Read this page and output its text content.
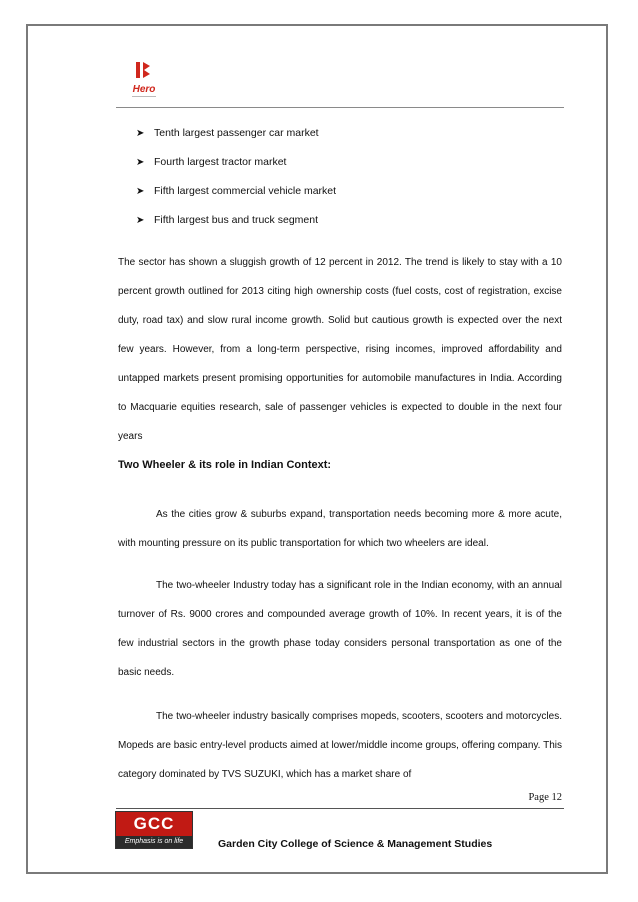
Hero
➤ Tenth largest passenger car market
➤ Fourth largest tractor market
➤ Fifth largest commercial vehicle market
➤ Fifth largest bus and truck segment

The sector has shown a sluggish growth of 12 percent in 2012. The trend is likely to stay with a 10 percent growth outlined for 2013 citing high ownership costs (fuel costs, cost of registration, excise duty, road tax) and slow rural income growth. Solid but cautious growth is expected over the next few years. However, from a long-term perspective, rising incomes, improved affordability and untapped markets present promising opportunities for automobile manufactures in India. According to Macquarie equities research, sale of passenger vehicles is expected to double in the next four years

Two Wheeler & its role in Indian Context:

As the cities grow & suburbs expand, transportation needs becoming more & more acute, with mounting pressure on its public transportation for which two wheelers are ideal.

The two-wheeler Industry today has a significant role in the Indian economy, with an annual turnover of Rs. 9000 crores and compounded average growth of 10%. In recent years, it is of the few industrial sectors in the growth phase today considers personal transportation as one of the basic needs.

The two-wheeler industry basically comprises mopeds, scooters, scooters and motorcycles. Mopeds are basic entry-level products aimed at lower/middle income groups, offering company. This category dominated by TVS SUZUKI, which has a market share of

Page 12
GCC
Emphasis is on life	Garden City College of Science & Management Studies
